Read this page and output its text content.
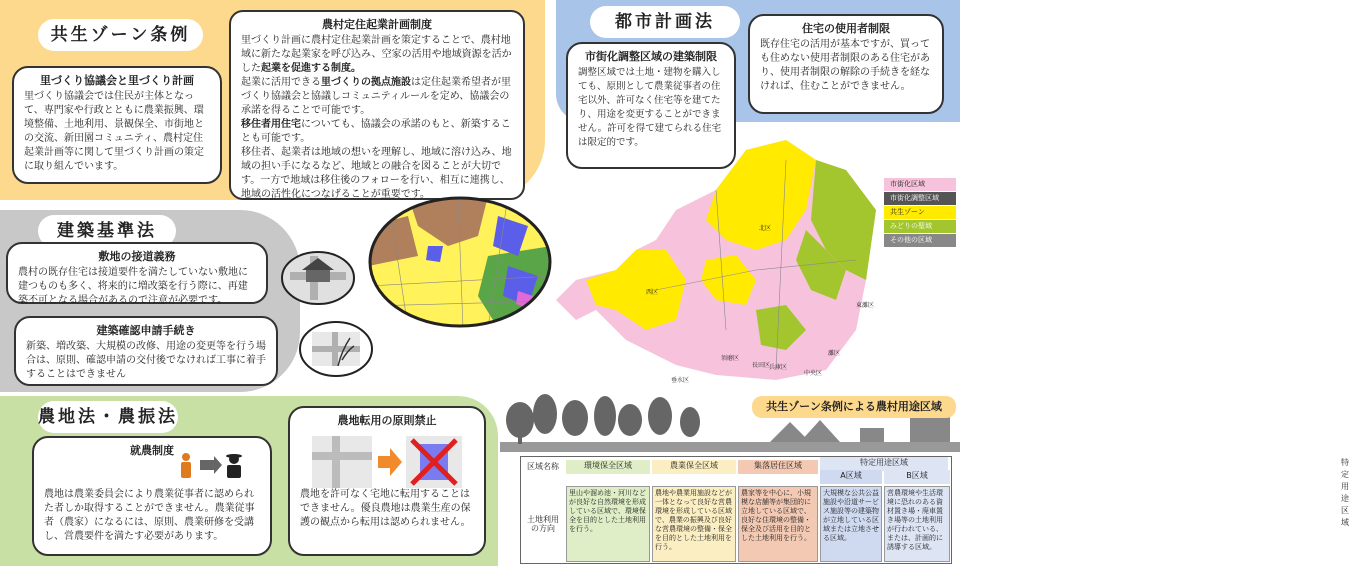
共生ゾーン条例
里づくり協議会と里づくり計画

里づくり協議会では住民が主体となって、専門家や行政とともに農業振興、環境整備、土地利用、景観保全、市街地との交流、新田園コミュニティ、農村定住起業計画等に関して里づくり計画の策定に取り組んでいます。

農村定住起業計画制度

里づくり計画に農村定住起業計画を策定することで、農村地域に新たな起業家を呼び込み、空家の活用や地域資源を活かした起業を促進する制度。

起業に活用できる里づくりの拠点施設は定住起業希望者が里づくり協議会と協議しコミュニティルールを定め、協議会の承諾を得ることで可能です。

移住者用住宅についても、協議会の承諾のもと、新築することも可能です。

移住者、起業者は地域の想いを理解し、地域に溶け込み、地域の担い手になるなど、地域との融合を図ることが大切です。一方で地域は移住後のフォローを行い、相互に連携し、地域の活性化につなげることが重要です。

都市計画法
市街化調整区域の建築制限

調整区域では土地・建物を購入しても、原則として農業従事者の住宅以外、許可なく住宅等を建てたり、用途を変更することができません。許可を得て建てられる住宅は限定的です。

住宅の使用者制限

既存住宅の活用が基本ですが、買っても住めない使用者制限のある住宅があり、使用者制限の解除の手続きを経なければ、住むことができません。

建築基準法
敷地の接道義務

農村の既存住宅は接道要件を満たしていない敷地に建つものも多く、将来的に増改築を行う際に、再建築不可となる場合があるので注意が必要です。

建築確認申請手続き

新築、増改築、大規模の改修、用途の変更等を行う場合は、原則、確認申請の交付後でなければ工事に着手することはできません

農地法・農振法
就農制度

農地は農業委員会により農業従事者に認められた者しか取得することができません。農業従事者（農家）になるには、原則、農業研修を受講し、営農要件を満たす必要があります。

農地転用の原則禁止

農地を許可なく宅地に転用することはできません。優良農地は農業生産の保護の観点から転用は認められません。

北区
西区
垂水区
須磨区
長田区
兵庫区
中央区
灘区
東灘区
市街化区域
市街化調整区域
共生ゾーン
みどりの聖域
その他の区域
共生ゾーン条例による農村用途区域
区域名称
土地利用の方向
特定用途区域
特定用途区域
環境保全区域
里山や溜め池・河川などが良好な自然環境を形成している区域で、環境保全を目的とした土地利用を行う。
農業保全区域
農地や農業用施設などが一体となって良好な営農環境を形成している区域で、農業の振興及び良好な営農環境の整備・保全を目的とした土地利用を行う。
集落居住区域
農家等を中心に、小規模な店舗等が集団的に立地している区域で、良好な住環境の整備・保全及び活用を目的とした土地利用を行う。
A区域
大規模な公共公益施設や沿道サービス施設等の建築物が立地している区域または立地させる区域。
B区域
営農環境や生活環境に恐れのある資材置き場・廃車置き場等の土地利用が行われている、または、計画的に誘導する区域。
